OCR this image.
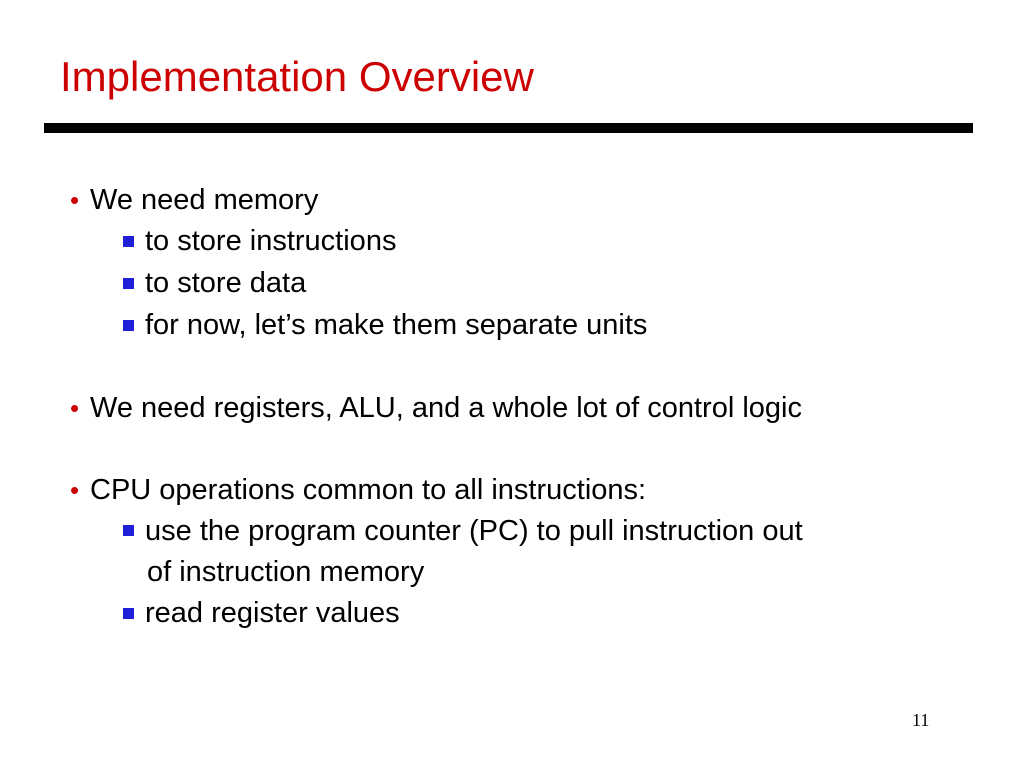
Implementation Overview
• We need memory
to store instructions
to store data
for now, let’s make them separate units
• We need registers, ALU, and a whole lot of control logic
• CPU operations common to all instructions:
use the program counter (PC) to pull instruction out
of instruction memory
read register values
11
